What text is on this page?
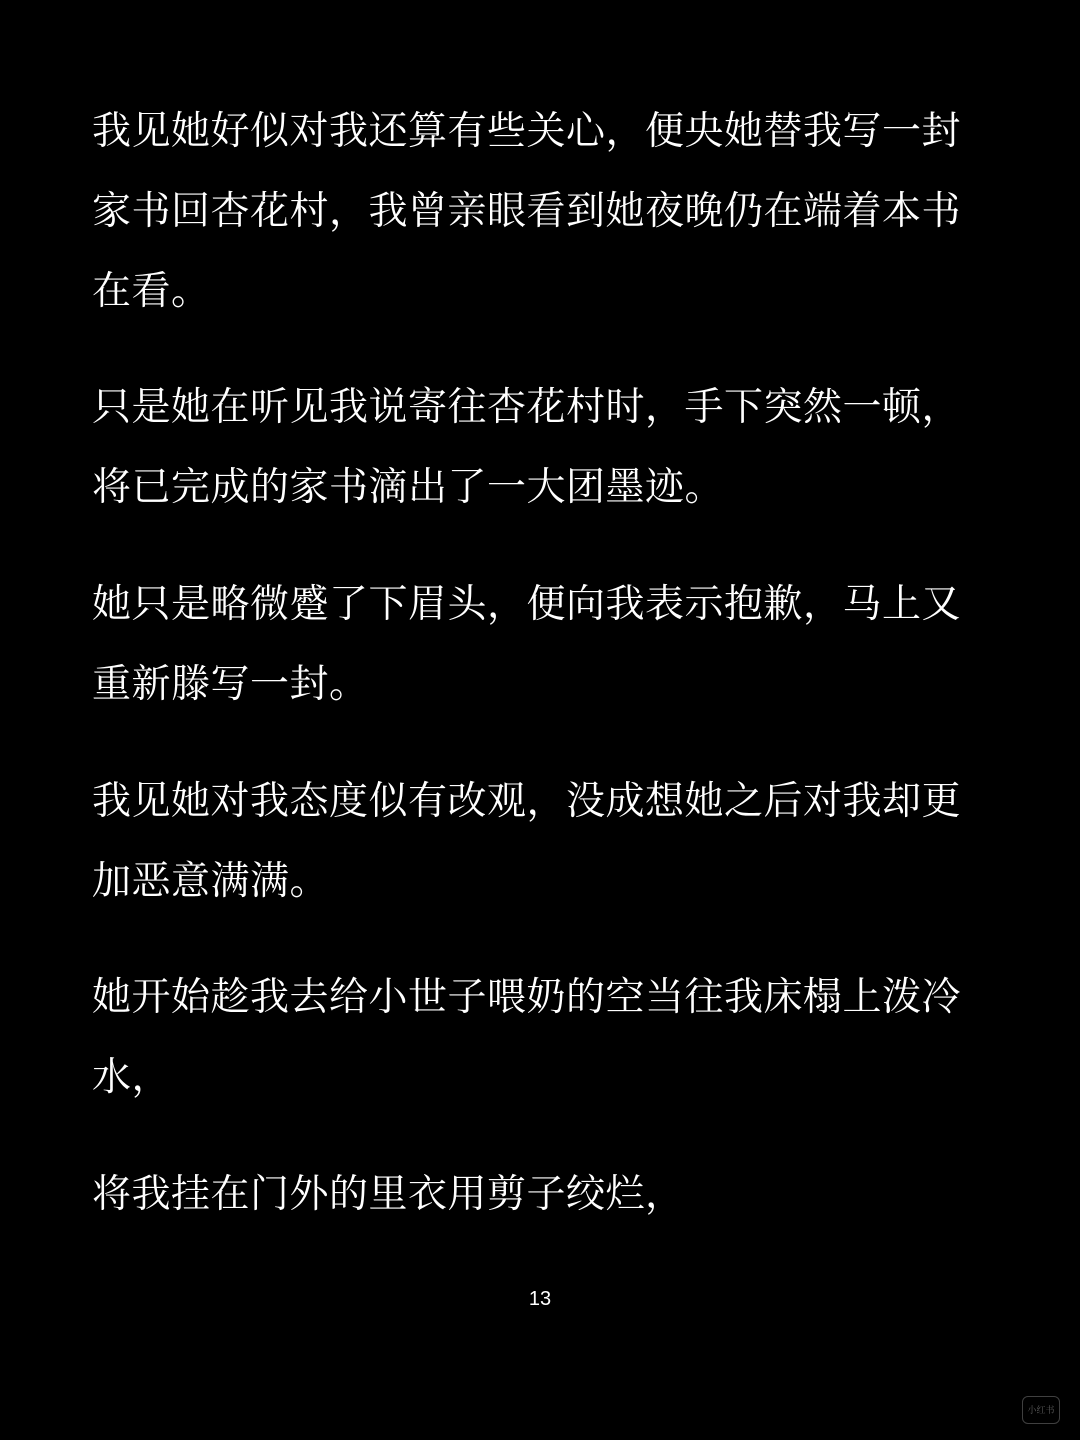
我见她好似对我还算有些关心，便央她替我写一封
家书回杏花村，我曾亲眼看到她夜晚仍在端着本书
在看。

只是她在听见我说寄往杏花村时，手下突然一顿，
将已完成的家书滴出了一大团墨迹。

她只是略微蹙了下眉头，便向我表示抱歉，马上又
重新滕写一封。

我见她对我态度似有改观，没成想她之后对我却更
加恶意满满。

她开始趁我去给小世子喂奶的空当往我床榻上泼冷
水，

将我挂在门外的里衣用剪子绞烂，

13
小红书
